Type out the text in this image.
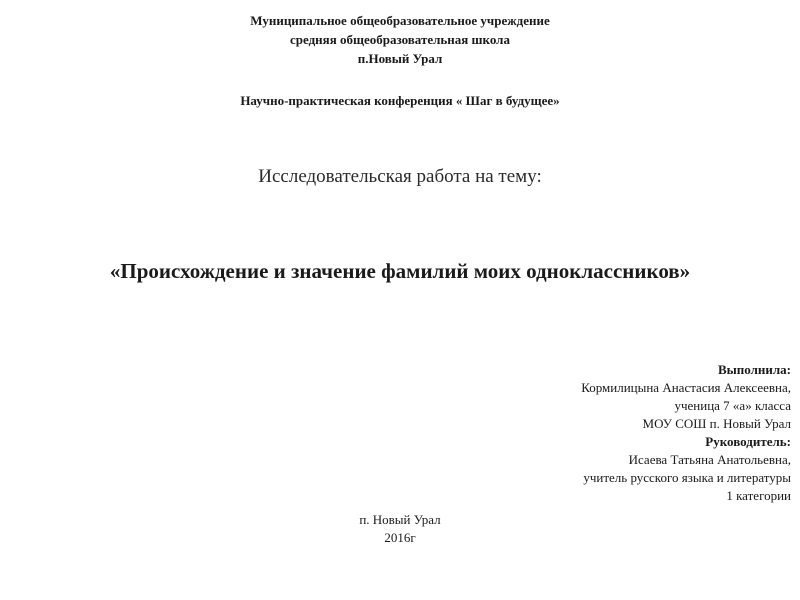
Муниципальное общеобразовательное учреждение
средняя общеобразовательная школа
п.Новый Урал
Научно-практическая конференция « Шаг в будущее»
Исследовательская работа на тему:
«Происхождение и значение фамилий моих одноклассников»
Выполнила:
Кормилицына Анастасия Алексеевна,
ученица 7 «а» класса
МОУ СОШ п. Новый Урал
Руководитель:
Исаева Татьяна Анатольевна,
учитель русского языка и литературы
1 категории
п. Новый Урал
2016г
